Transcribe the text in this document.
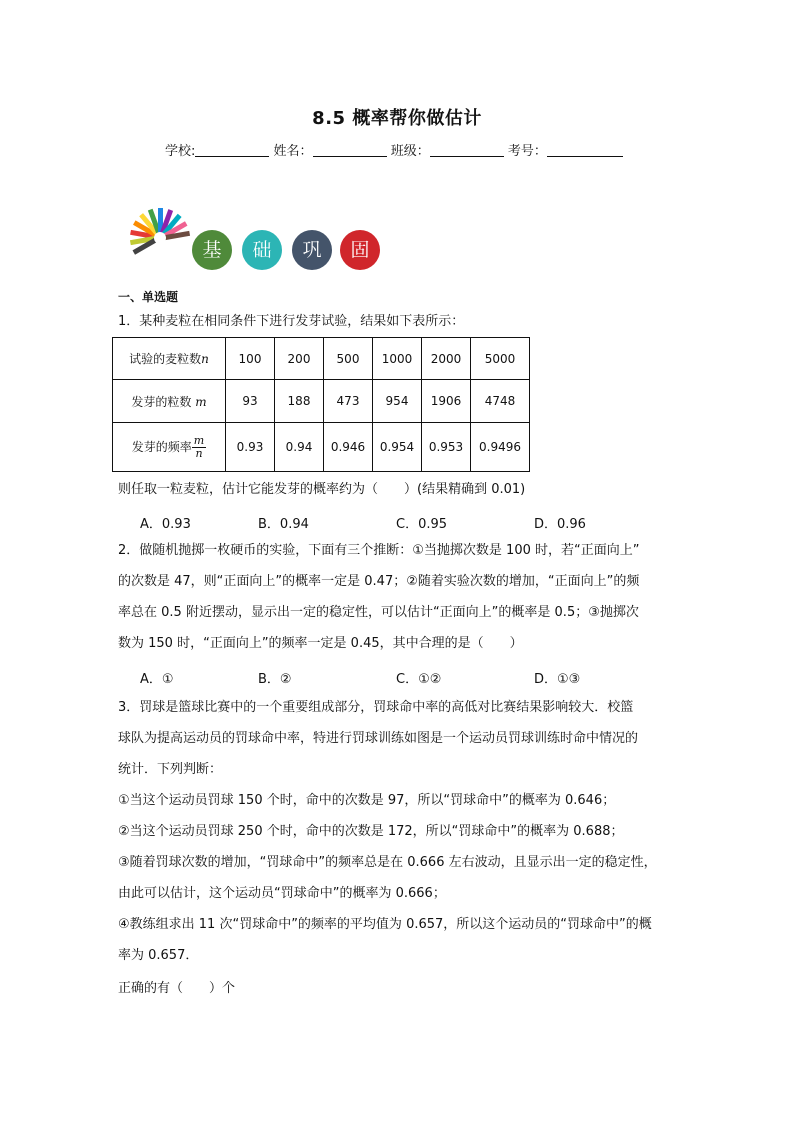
8.5 概率帮你做估计
学校:	姓名：	班级：	考号：
基	础	巩	固
一、单选题
1．某种麦粒在相同条件下进行发芽试验，结果如下表所示：
试验的麦粒数n	100	200	500	1000	2000	5000
发芽的粒数 m	93	188	473	954	1906	4748
发芽的频率 $\frac{m}{n}$	0.93	0.94	0.946	0.954	0.953	0.9496
则任取一粒麦粒，估计它能发芽的概率约为（　　）(结果精确到 0.01)
A．0.93	B．0.94	C．0.95	D．0.96
2．做随机抛掷一枚硬币的实验，下面有三个推断：①当抛掷次数是 100 时，若“正面向上”
的次数是 47，则“正面向上”的概率一定是 0.47；②随着实验次数的增加，“正面向上”的频
率总在 0.5 附近摆动，显示出一定的稳定性，可以估计“正面向上”的概率是 0.5；③抛掷次
数为 150 时，“正面向上”的频率一定是 0.45，其中合理的是（　　）
A．①	B．②	C．①②	D．①③
3．罚球是篮球比赛中的一个重要组成部分，罚球命中率的高低对比赛结果影响较大．校篮
球队为提高运动员的罚球命中率，特进行罚球训练如图是一个运动员罚球训练时命中情况的
统计．下列判断：
①当这个运动员罚球 150 个时，命中的次数是 97，所以“罚球命中”的概率为 0.646；
②当这个运动员罚球 250 个时，命中的次数是 172，所以“罚球命中”的概率为 0.688；
③随着罚球次数的增加，“罚球命中”的频率总是在 0.666 左右波动，且显示出一定的稳定性，
由此可以估计，这个运动员“罚球命中”的概率为 0.666；
④教练组求出 11 次“罚球命中”的频率的平均值为 0.657，所以这个运动员的“罚球命中”的概
率为 0.657．
正确的有（　　）个
